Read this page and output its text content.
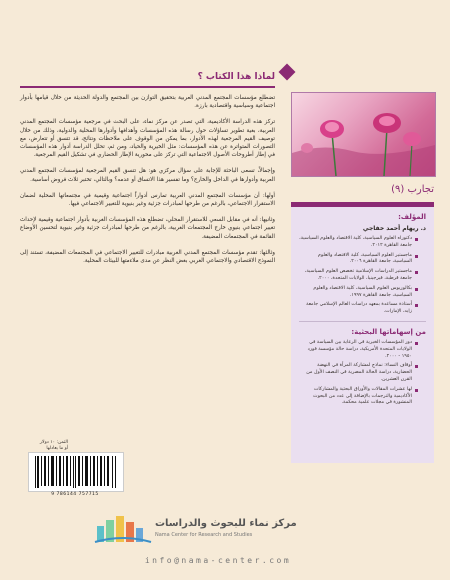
لماذا هذا الكتاب ؟

تضطلع مؤسسات المجتمع المدني العربية بتحقيق التوازن بين المجتمع والدولة الحديثة من خلال قيامها بأدوار اجتماعية وسياسية واقتصادية بارزة.

تركز هذه الدراسة الأكاديمية، التي تصدر عن مركز نماء، على البحث في مرجعية مؤسسات المجتمع المدني العربية، بغية تطوير تساؤلات حول رسالة هذه المؤسسات وأهدافها وأدوارها المحلية والدولية، وذلك من خلال توصيف القيم المرجعية لهذه الأدوار، بما يمكن من الوقوف على ملاحظات ونتائج، قد تتسق أو تتعارض، مع التصورات المتواترة عن هذه المؤسسات: مثل الخيرية والحياد، ومن ثم، تحلل الدراسة أدوار هذه المؤسسات في إطار أطروحات الأصول الاجتماعية التي تركز على محورية الإطار الحضاري في تشكيل القيم المرجعية.

وإجمالاً، تسعى الباحثة للإجابة على سؤال مركزي هو: هل تتسق القيم المرجعية لمؤسسات المجتمع المدني العربية وأدوارها في الداخل والخارج؟ وما تفسير هذا الاتساق أو عدمه؟ وبالتالي، تختبر ثلاث فروض أساسية.

أولها: أن مؤسسات المجتمع المدني العربية تمارس أدواراً اجتماعية وقيمية في مجتمعاتها المحلية لضمان الاستقرار الاجتماعي، بالرغم من طرحها لمبادرات جزئية وغير بنيوية للتغيير الاجتماعي فيها.

وثانيها: أنه في مقابل السعي للاستقرار المحلي، تضطلع هذه المؤسسات الغربية بأدوار اجتماعية وقيمية لإحداث تغيير اجتماعي بنيوي خارج المجتمعات الغربية، بالرغم من طرحها لمبادرات جزئية وغير بنيوية لتحسين الأوضاع القائمة في المجتمعات المضيفة.

وثالثها: تقدم مؤسسات المجتمع المدني الغربية مبادرات للتغيير الاجتماعي في المجتمعات المضيفة، تستند إلى النموذج الاقتصادي والاجتماعي الغربي بغض النظر عن مدى ملاءمتها للبيئات المحلية.

تجارب (٩)
المؤلف:
د. ريهام أحمد خفاجي
دكتوراه العلوم السياسية، كلية الاقتصاد والعلوم السياسية، جامعة القاهرة ٢٠١٢.
ماجستير العلوم السياسية، كلية الاقتصاد والعلوم السياسية، جامعة القاهرة ٢٠٠٦.
ماجستير الدراسات الإسلامية تخصص العلوم السياسية، جامعة قرطبة، فيرجينيا، الولايات المتحدة، ٢٠٠٠.
بكالوريوس العلوم السياسية، كلية الاقتصاد والعلوم السياسية، جامعة القاهرة ١٩٩٧.
أستاذة مساعدة بمعهد دراسات العالم الإسلامي جامعة زايد، الإمارات.
من إسهاماتها البحثية:
دور المؤسسات الخيرية في الرعاية بين السياسة في الولايات المتحدة الأمريكية، دراسة حالة مؤسسة فورد ١٩٥٠ - ٢٠٠٠.
أوقاف النساء: نماذج لمشاركة المرأة في النهضة الحضارية، دراسة الحالة المصرية في النصف الأول من القرن العشرين.
لها عشرات المقالات والأوراق البحثية والمشاركات الأكاديمية والترجمات بالإضافة إلى عدد من البحوث المنشورة في مجلات علمية محكمة.
الثمن: ١٠ دولار
أو ما يعادلها
9 786144 757715
مركز نماء للبحوث والدراسات
Nama Center for Research and Studies
info@nama-center.com
